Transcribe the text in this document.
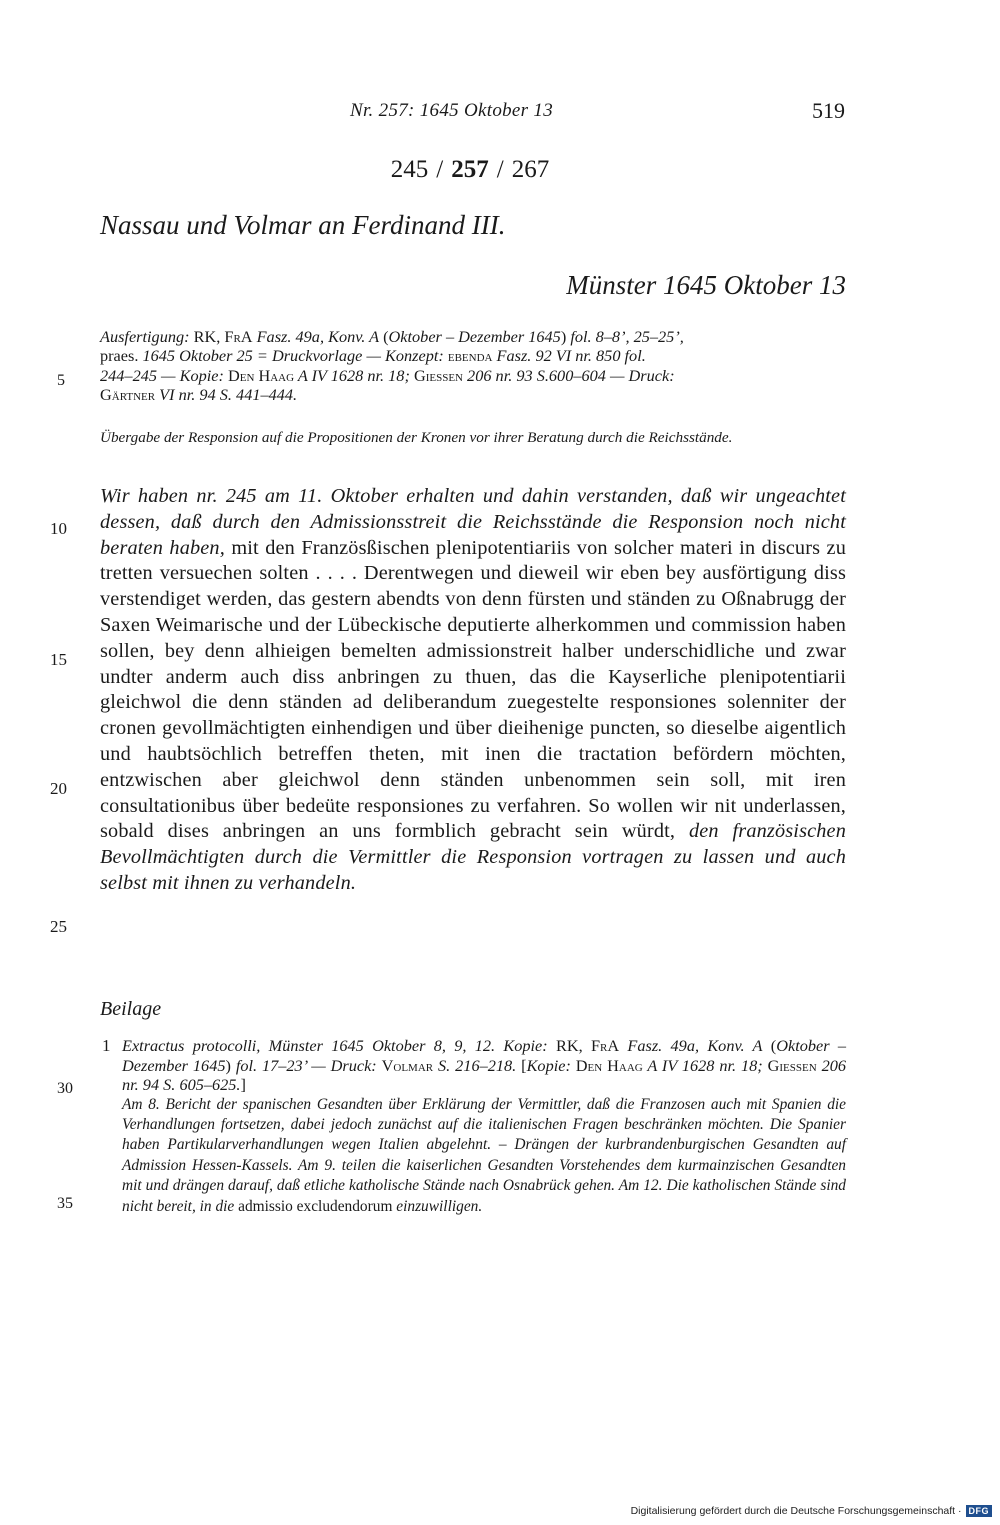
Nr. 257: 1645 Oktober 13	519
245 / 257 / 267
Nassau und Volmar an Ferdinand III.
Münster 1645 Oktober 13
5
10
15
20
25
30
35

Ausfertigung: RK, FrA Fasz. 49a, Konv. A (Oktober – Dezember 1645) fol. 8–8’, 25–25’,
praes. 1645 Oktober 25 = Druckvorlage — Konzept: ebenda Fasz. 92 VI nr. 850 fol.
244–245 — Kopie: Den Haag A IV 1628 nr. 18; Giessen 206 nr. 93 S.600–604 — Druck:
Gärtner VI nr. 94 S. 441–444.

Übergabe der Responsion auf die Propositionen der Kronen vor ihrer Beratung durch die Reichsstände.

Wir haben nr. 245 am 11. Oktober erhalten und dahin verstanden, daß wir ungeachtet dessen, daß durch den Admissionsstreit die Reichsstände die Responsion noch nicht beraten haben, mit den Französßischen plenipotentiariis von solcher materi in discurs zu tretten versuechen solten . . . . Derentwegen und dieweil wir eben bey ausförtigung diss verstendiget werden, das gestern abendts von denn fürsten und ständen zu Oßnabrugg der Saxen Weimarische und der Lübeckische deputierte alherkommen und commission haben sollen, bey denn alhieigen bemelten admissionstreit halber underschidliche und zwar undter anderm auch diss anbringen zu thuen, das die Kayserliche plenipotentiarii gleichwol die denn ständen ad deliberandum zuegestelte responsiones solenniter der cronen gevollmächtigten einhendigen und über dieihenige puncten, so dieselbe aigentlich und haubtsöchlich betreffen theten, mit inen die tractation befördern möchten, entzwischen aber gleichwol denn ständen unbenommen sein soll, mit iren consultationibus über bedeüte responsiones zu verfahren. So wollen wir nit underlassen, sobald dises anbringen an uns formblich gebracht sein würdt, den französischen Bevollmächtigten durch die Vermittler die Responsion vortragen zu lassen und auch selbst mit ihnen zu verhandeln.

Beilage
1 Extractus protocolli, Münster 1645 Oktober 8, 9, 12. Kopie: RK, FrA Fasz. 49a, Konv. A (Oktober – Dezember 1645) fol. 17–23’ — Druck: Volmar S. 216–218. [Kopie: Den Haag A IV 1628 nr. 18; Giessen 206 nr. 94 S. 605–625.]

Am 8. Bericht der spanischen Gesandten über Erklärung der Vermittler, daß die Franzosen auch mit Spanien die Verhandlungen fortsetzen, dabei jedoch zunächst auf die italienischen Fragen beschränken möchten. Die Spanier haben Partikularverhandlungen wegen Italien abgelehnt. – Drängen der kurbrandenburgischen Gesandten auf Admission Hessen-Kassels. Am 9. teilen die kaiserlichen Gesandten Vorstehendes dem kurmainzischen Gesandten mit und drängen darauf, daß etliche katholische Stände nach Osnabrück gehen. Am 12. Die katholischen Stände sind nicht bereit, in die admissio excludendorum einzuwilligen.

Digitalisierung gefördert durch die Deutsche Forschungsgemeinschaft · DFG
